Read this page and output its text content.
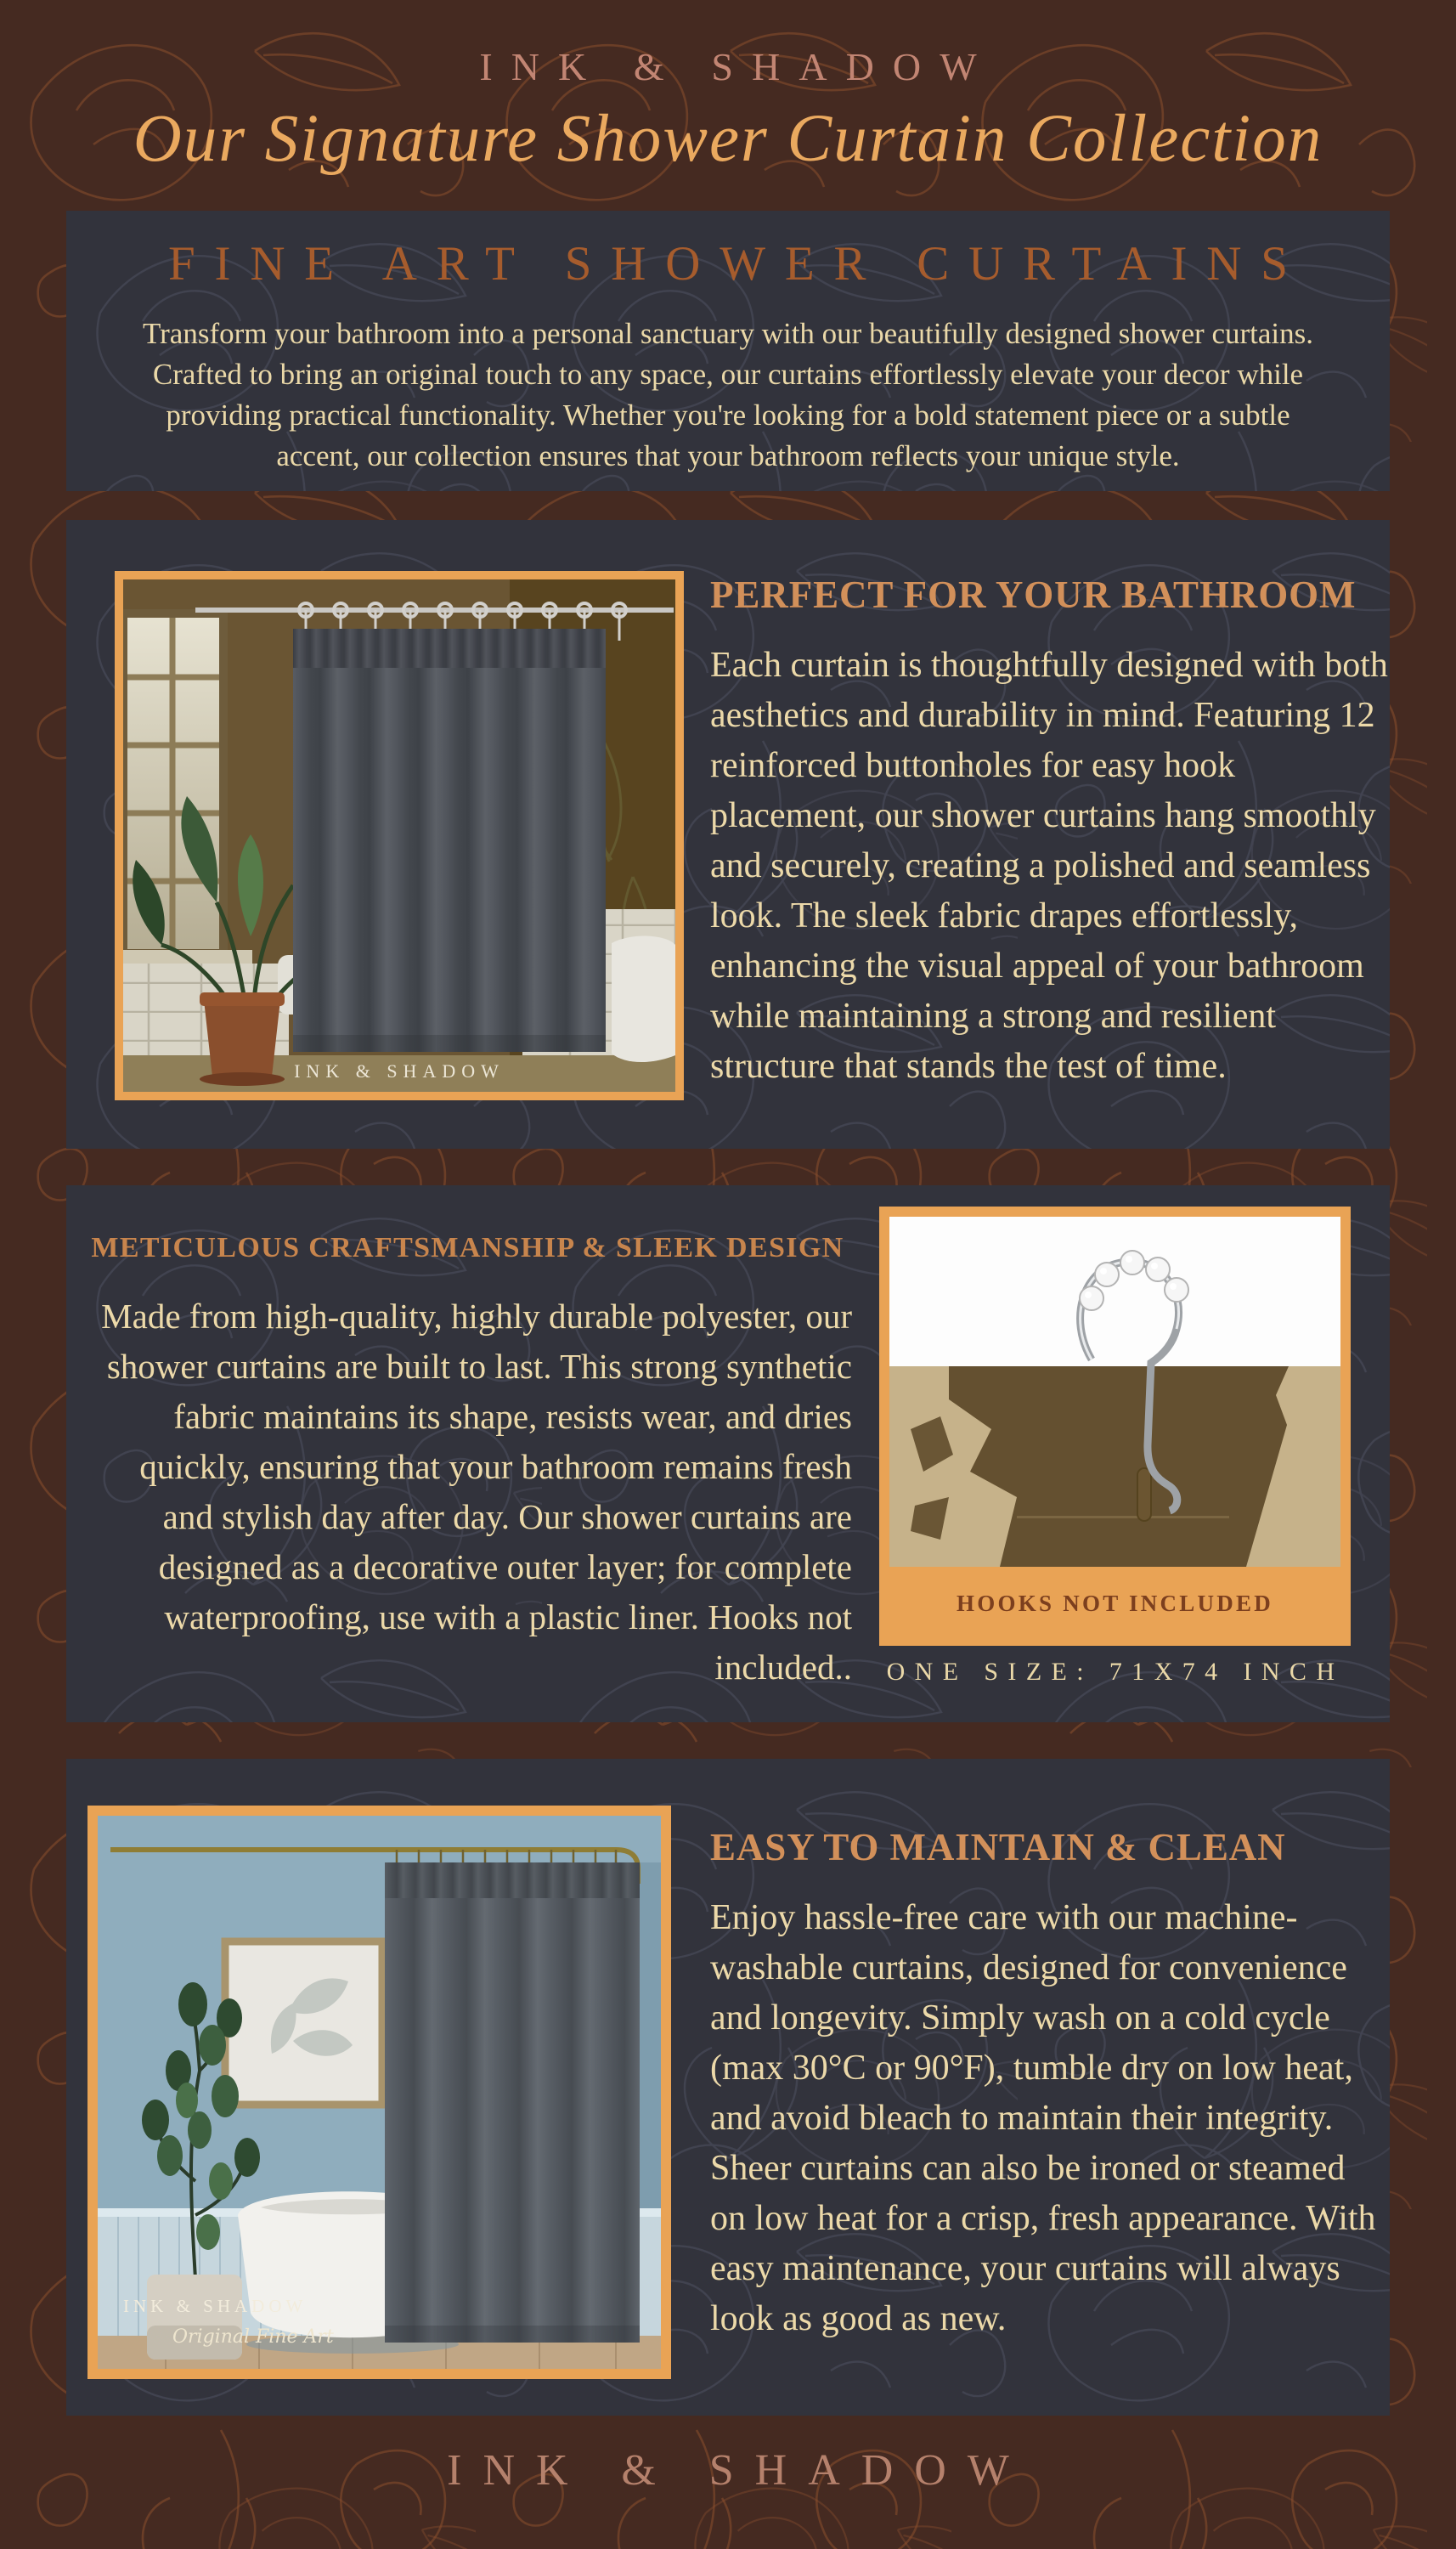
INK & SHADOW
Our Signature Shower Curtain Collection
FINE ART SHOWER CURTAINS
Transform your bathroom into a personal sanctuary with our beautifully designed shower curtains. Crafted to bring an original touch to any space, our curtains effortlessly elevate your decor while providing practical functionality. Whether you're looking for a bold statement piece or a subtle accent, our collection ensures that your bathroom reflects your unique style.
INK & SHADOW
PERFECT FOR YOUR BATHROOM
Each curtain is thoughtfully designed with both aesthetics and durability in mind. Featuring 12 reinforced buttonholes for easy hook placement, our shower curtains hang smoothly and securely, creating a polished and seamless look. The sleek fabric drapes effortlessly, enhancing the visual appeal of your bathroom while maintaining a strong and resilient structure that stands the test of time.
METICULOUS CRAFTSMANSHIP & SLEEK DESIGN
Made from high-quality, highly durable polyester, our shower curtains are built to last. This strong synthetic fabric maintains its shape, resists wear, and dries quickly, ensuring that your bathroom remains fresh and stylish day after day. Our shower curtains are designed as a decorative outer layer; for complete waterproofing, use with a plastic liner. Hooks not included..
HOOKS NOT INCLUDED
ONE SIZE: 71X74 INCH
INK & SHADOW
Original Fine Art
EASY TO MAINTAIN & CLEAN
Enjoy hassle-free care with our machine-washable curtains, designed for convenience and longevity. Simply wash on a cold cycle (max 30°C or 90°F), tumble dry on low heat, and avoid bleach to maintain their integrity. Sheer curtains can also be ironed or steamed on low heat for a crisp, fresh appearance. With easy maintenance, your curtains will always look as good as new.
INK & SHADOW
